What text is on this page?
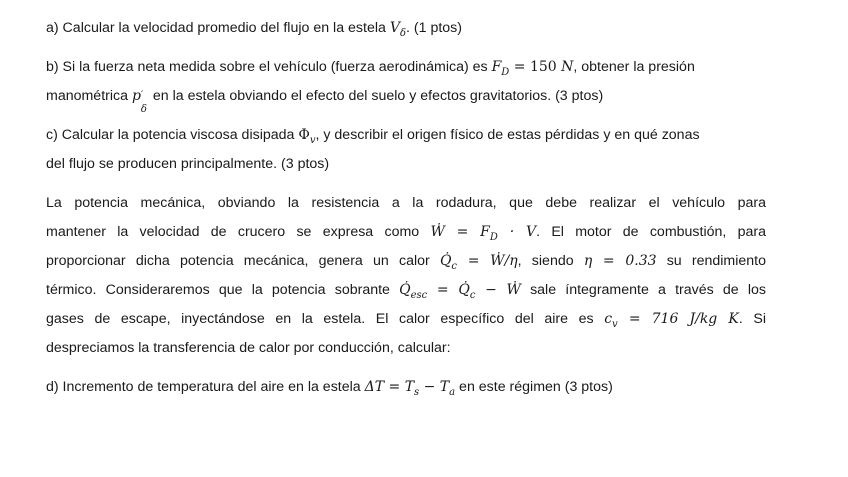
a) Calcular la velocidad promedio del flujo en la estela $V_\delta$. (1 ptos)

b) Si la fuerza neta medida sobre el vehículo (fuerza aerodinámica) es $F_D = 150$ N, obtener la presión
manométrica p ′
δ
en la estela obviando el efecto del suelo y efectos gravitatorios. (3 ptos)

c) Calcular la potencia viscosa disipada $\Phi_v$, y describir el origen físico de estas pérdidas y en qué zonas
del flujo se producen principalmente. (3 ptos)

La potencia mecánica, obviando la resistencia a la rodadura, que debe realizar el vehículo para
mantener la velocidad de crucero se expresa como Ẇ = $F_D \cdot V$. El motor de combustión, para
proporcionar dicha potencia mecánica, genera un calor $Q̇_c$ = Ẇ/η, siendo η = 0.33 su rendimiento
térmico. Consideraremos que la potencia sobrante $Q̇_{esc}$ = $Q̇_c$ − Ẇ sale íntegramente a través de los
gases de escape, inyectándose en la estela. El calor específico del aire es $c_v = 716$ J/kg K. Si
despreciamos la transferencia de calor por conducción, calcular:

d) Incremento de temperatura del aire en la estela $\Delta T = T_s - T_a$ en este régimen (3 ptos)
